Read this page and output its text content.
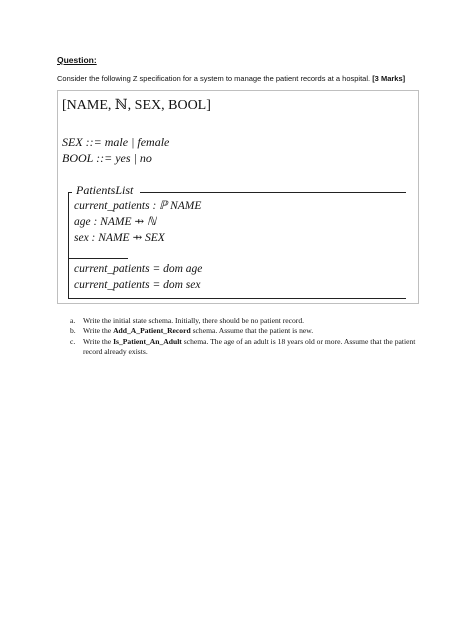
Question:
Consider the following Z specification for a system to manage the patient records at a hospital. [3 Marks]
[NAME, ℕ, SEX, BOOL]
SEX ::= male | female
BOOL ::= yes | no
PatientsList
current_patients : ℙ NAME
age : NAME ⇸ ℕ
sex : NAME ⇸ SEX
current_patients = dom age
current_patients = dom sex
a.	Write the initial state schema. Initially, there should be no patient record.
b. Write the Add_A_Patient_Record schema. Assume that the patient is new.
c.	Write the Is_Patient_An_Adult schema. The age of an adult is 18 years old or more. Assume that the patient record already exists.
